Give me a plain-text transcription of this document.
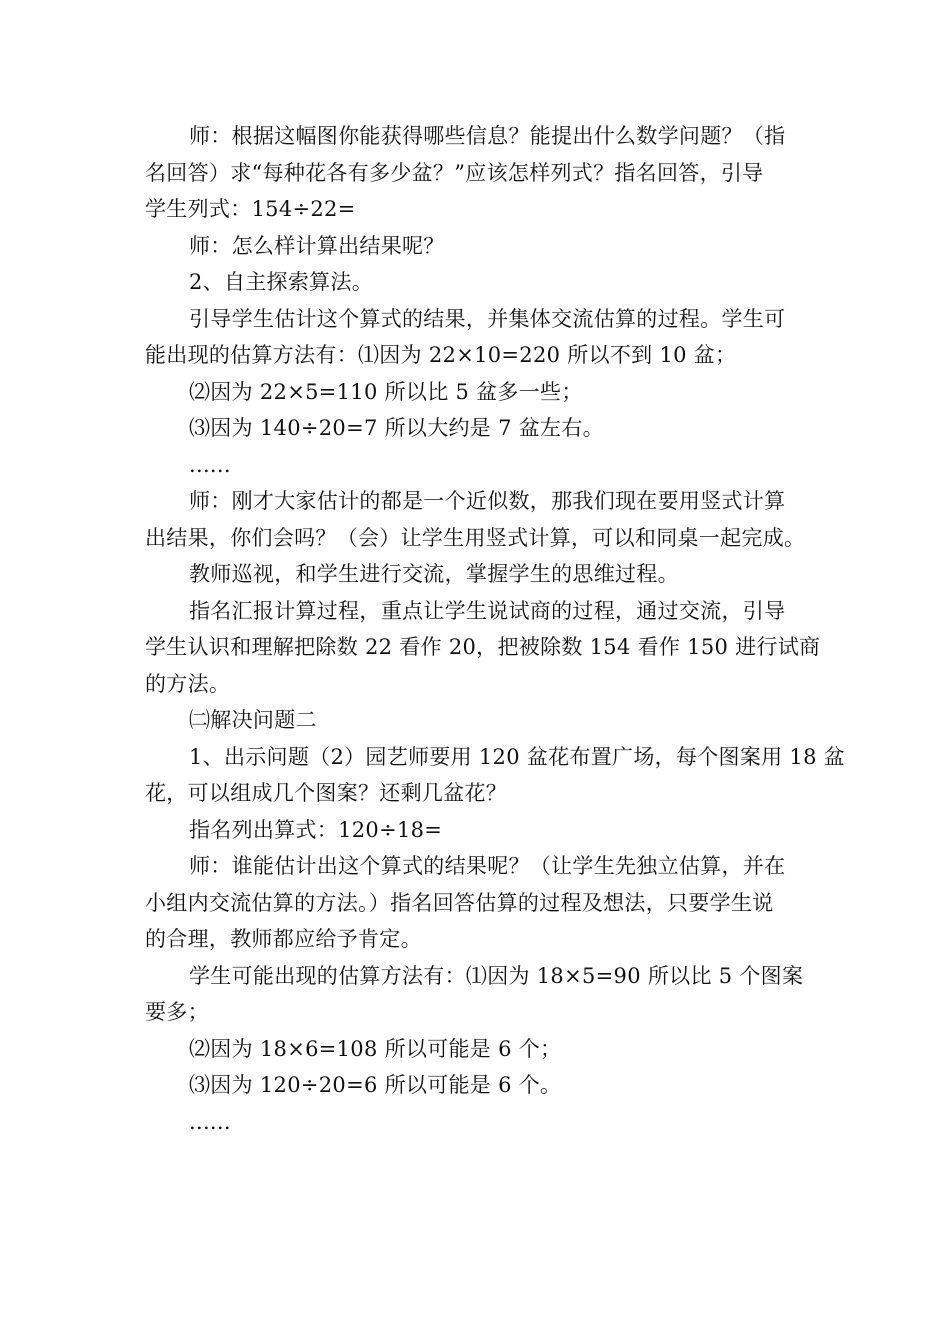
师：根据这幅图你能获得哪些信息？能提出什么数学问题？（指
名回答）求“每种花各有多少盆？”应该怎样列式？指名回答，引导
学生列式：154÷22=
师：怎么样计算出结果呢？
2、自主探索算法。
引导学生估计这个算式的结果，并集体交流估算的过程。学生可
能出现的估算方法有：⑴因为 22×10=220 所以不到 10 盆；
⑵因为 22×5=110 所以比 5 盆多一些；
⑶因为 140÷20=7 所以大约是 7 盆左右。
......
师：刚才大家估计的都是一个近似数，那我们现在要用竖式计算
出结果，你们会吗？（会）让学生用竖式计算，可以和同桌一起完成。
教师巡视，和学生进行交流，掌握学生的思维过程。
指名汇报计算过程，重点让学生说试商的过程，通过交流，引导
学生认识和理解把除数 22 看作 20，把被除数 154 看作 150 进行试商
的方法。
㈡解决问题二
1、出示问题（2）园艺师要用 120 盆花布置广场，每个图案用 18 盆
花，可以组成几个图案？还剩几盆花？
指名列出算式：120÷18=
师：谁能估计出这个算式的结果呢？（让学生先独立估算，并在
小组内交流估算的方法。）指名回答估算的过程及想法，只要学生说
的合理，教师都应给予肯定。
学生可能出现的估算方法有：⑴因为 18×5=90 所以比 5 个图案
要多；
⑵因为 18×6=108 所以可能是 6 个；
⑶因为 120÷20=6 所以可能是 6 个。
......
